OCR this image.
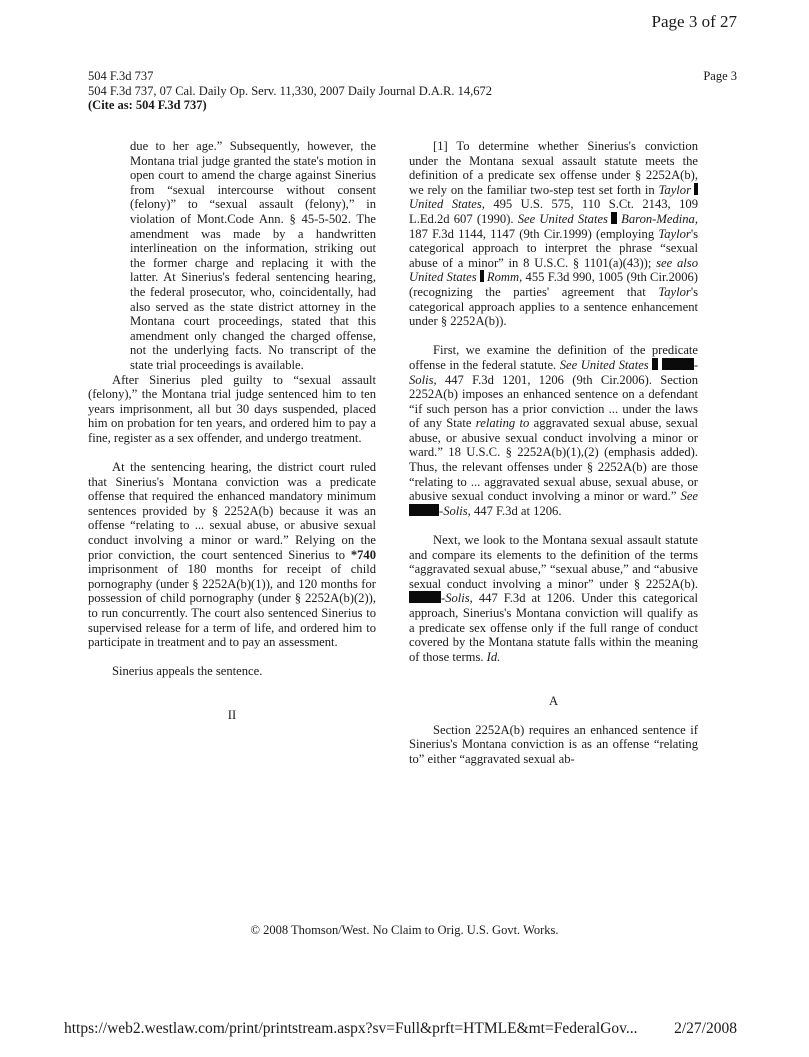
Page 3 of 27
504 F.3d 737
504 F.3d 737, 07 Cal. Daily Op. Serv. 11,330, 2007 Daily Journal D.A.R. 14,672
(Cite as: 504 F.3d 737)
Page 3

due to her age.” Subsequently, however, the Montana trial judge granted the state's motion in open court to amend the charge against Sinerius from “sexual intercourse without consent (felony)” to “sexual assault (felony),” in violation of Mont.Code Ann. § 45-5-502. The amendment was made by a handwritten interlineation on the information, striking out the former charge and replacing it with the latter. At Sinerius's federal sentencing hearing, the federal prosecutor, who, coincidentally, had also served as the state district attorney in the Montana court proceedings, stated that this amendment only changed the charged offense, not the underlying facts. No transcript of the state trial proceedings is available.

After Sinerius pled guilty to “sexual assault (felony),” the Montana trial judge sentenced him to ten years imprisonment, all but 30 days suspended, placed him on probation for ten years, and ordered him to pay a fine, register as a sex offender, and undergo treatment.

At the sentencing hearing, the district court ruled that Sinerius's Montana conviction was a predicate offense that required the enhanced mandatory minimum sentences provided by § 2252A(b) because it was an offense “relating to ... sexual abuse, or abusive sexual conduct involving a minor or ward.” Relying on the prior conviction, the court sentenced Sinerius to *740 imprisonment of 180 months for receipt of child pornography (under § 2252A(b)(1)), and 120 months for possession of child pornography (under § 2252A(b)(2)), to run concurrently. The court also sentenced Sinerius to supervised release for a term of life, and ordered him to participate in treatment and to pay an assessment.

Sinerius appeals the sentence.

II

[1] To determine whether Sinerius's conviction under the Montana sexual assault statute meets the definition of a predicate sex offense under § 2252A(b), we rely on the familiar two-step test set forth in Taylor United States, 495 U.S. 575, 110 S.Ct. 2143, 109 L.Ed.2d 607 (1990). See United States Baron-Medina, 187 F.3d 1144, 1147 (9th Cir.1999) (employing Taylor's categorical approach to interpret the phrase “sexual abuse of a minor” in 8 U.S.C. § 1101(a)(43)); see also United States Romm, 455 F.3d 990, 1005 (9th Cir.2006) (recognizing the parties' agreement that Taylor's categorical approach applies to a sentence enhancement under § 2252A(b)).

First, we examine the definition of the predicate offense in the federal statute. See United States	-Solis, 447 F.3d 1201, 1206 (9th Cir.2006). Section 2252A(b) imposes an enhanced sentence on a defendant “if such person has a prior conviction ... under the laws of any State relating to aggravated sexual abuse, sexual abuse, or abusive sexual conduct involving a minor or ward.” 18 U.S.C. § 2252A(b)(1),(2) (emphasis added). Thus, the relevant offenses under § 2252A(b) are those “relating to ... aggravated sexual abuse, sexual abuse, or abusive sexual conduct involving a minor or ward.” See -Solis, 447 F.3d at 1206.

Next, we look to the Montana sexual assault statute and compare its elements to the definition of the terms “aggravated sexual abuse,” “sexual abuse,” and “abusive sexual conduct involving a minor” under § 2252A(b). -Solis, 447 F.3d at 1206. Under this categorical approach, Sinerius's Montana conviction will qualify as a predicate sex offense only if the full range of conduct covered by the Montana statute falls within the meaning of those terms. Id.

A

Section 2252A(b) requires an enhanced sentence if Sinerius's Montana conviction is as an offense “relating to” either “aggravated sexual ab-

© 2008 Thomson/West. No Claim to Orig. U.S. Govt. Works.
https://web2.westlaw.com/print/printstream.aspx?sv=Full&prft=HTMLE&mt=FederalGov... 2/27/2008
